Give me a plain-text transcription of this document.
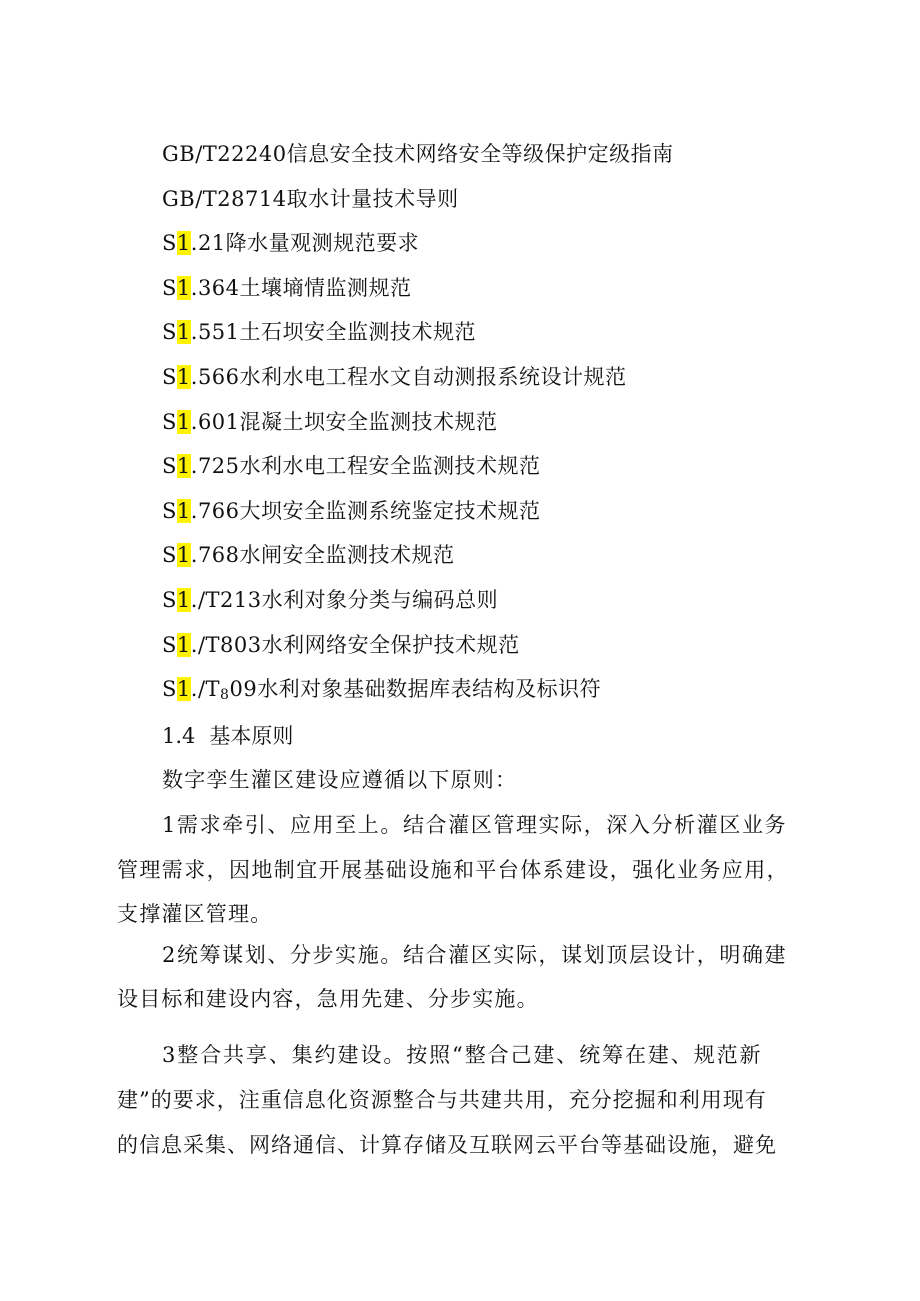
GB/T22240信息安全技术网络安全等级保护定级指南
GB/T28714取水计量技术导则
S1.21降水量观测规范要求
S1.364土壤墒情监测规范
S1.551土石坝安全监测技术规范
S1.566水利水电工程水文自动测报系统设计规范
S1.601混凝土坝安全监测技术规范
S1.725水利水电工程安全监测技术规范
S1.766大坝安全监测系统鉴定技术规范
S1.768水闸安全监测技术规范
S1./T213水利对象分类与编码总则
S1./T803水利网络安全保护技术规范
$S1./T_809$水利对象基础数据库表结构及标识符
1.4 基本原则
数字孪生灌区建设应遵循以下原则：
1需求牵引、应用至上。结合灌区管理实际，深入分析灌区业务
管理需求，因地制宜开展基础设施和平台体系建设，强化业务应用，
支撑灌区管理。
2统筹谋划、分步实施。结合灌区实际，谋划顶层设计，明确建
设目标和建设内容，急用先建、分步实施。
3整合共享、集约建设。按照“整合己建、统筹在建、规范新
建”的要求，注重信息化资源整合与共建共用，充分挖掘和利用现有
的信息采集、网络通信、计算存储及互联网云平台等基础设施，避免
